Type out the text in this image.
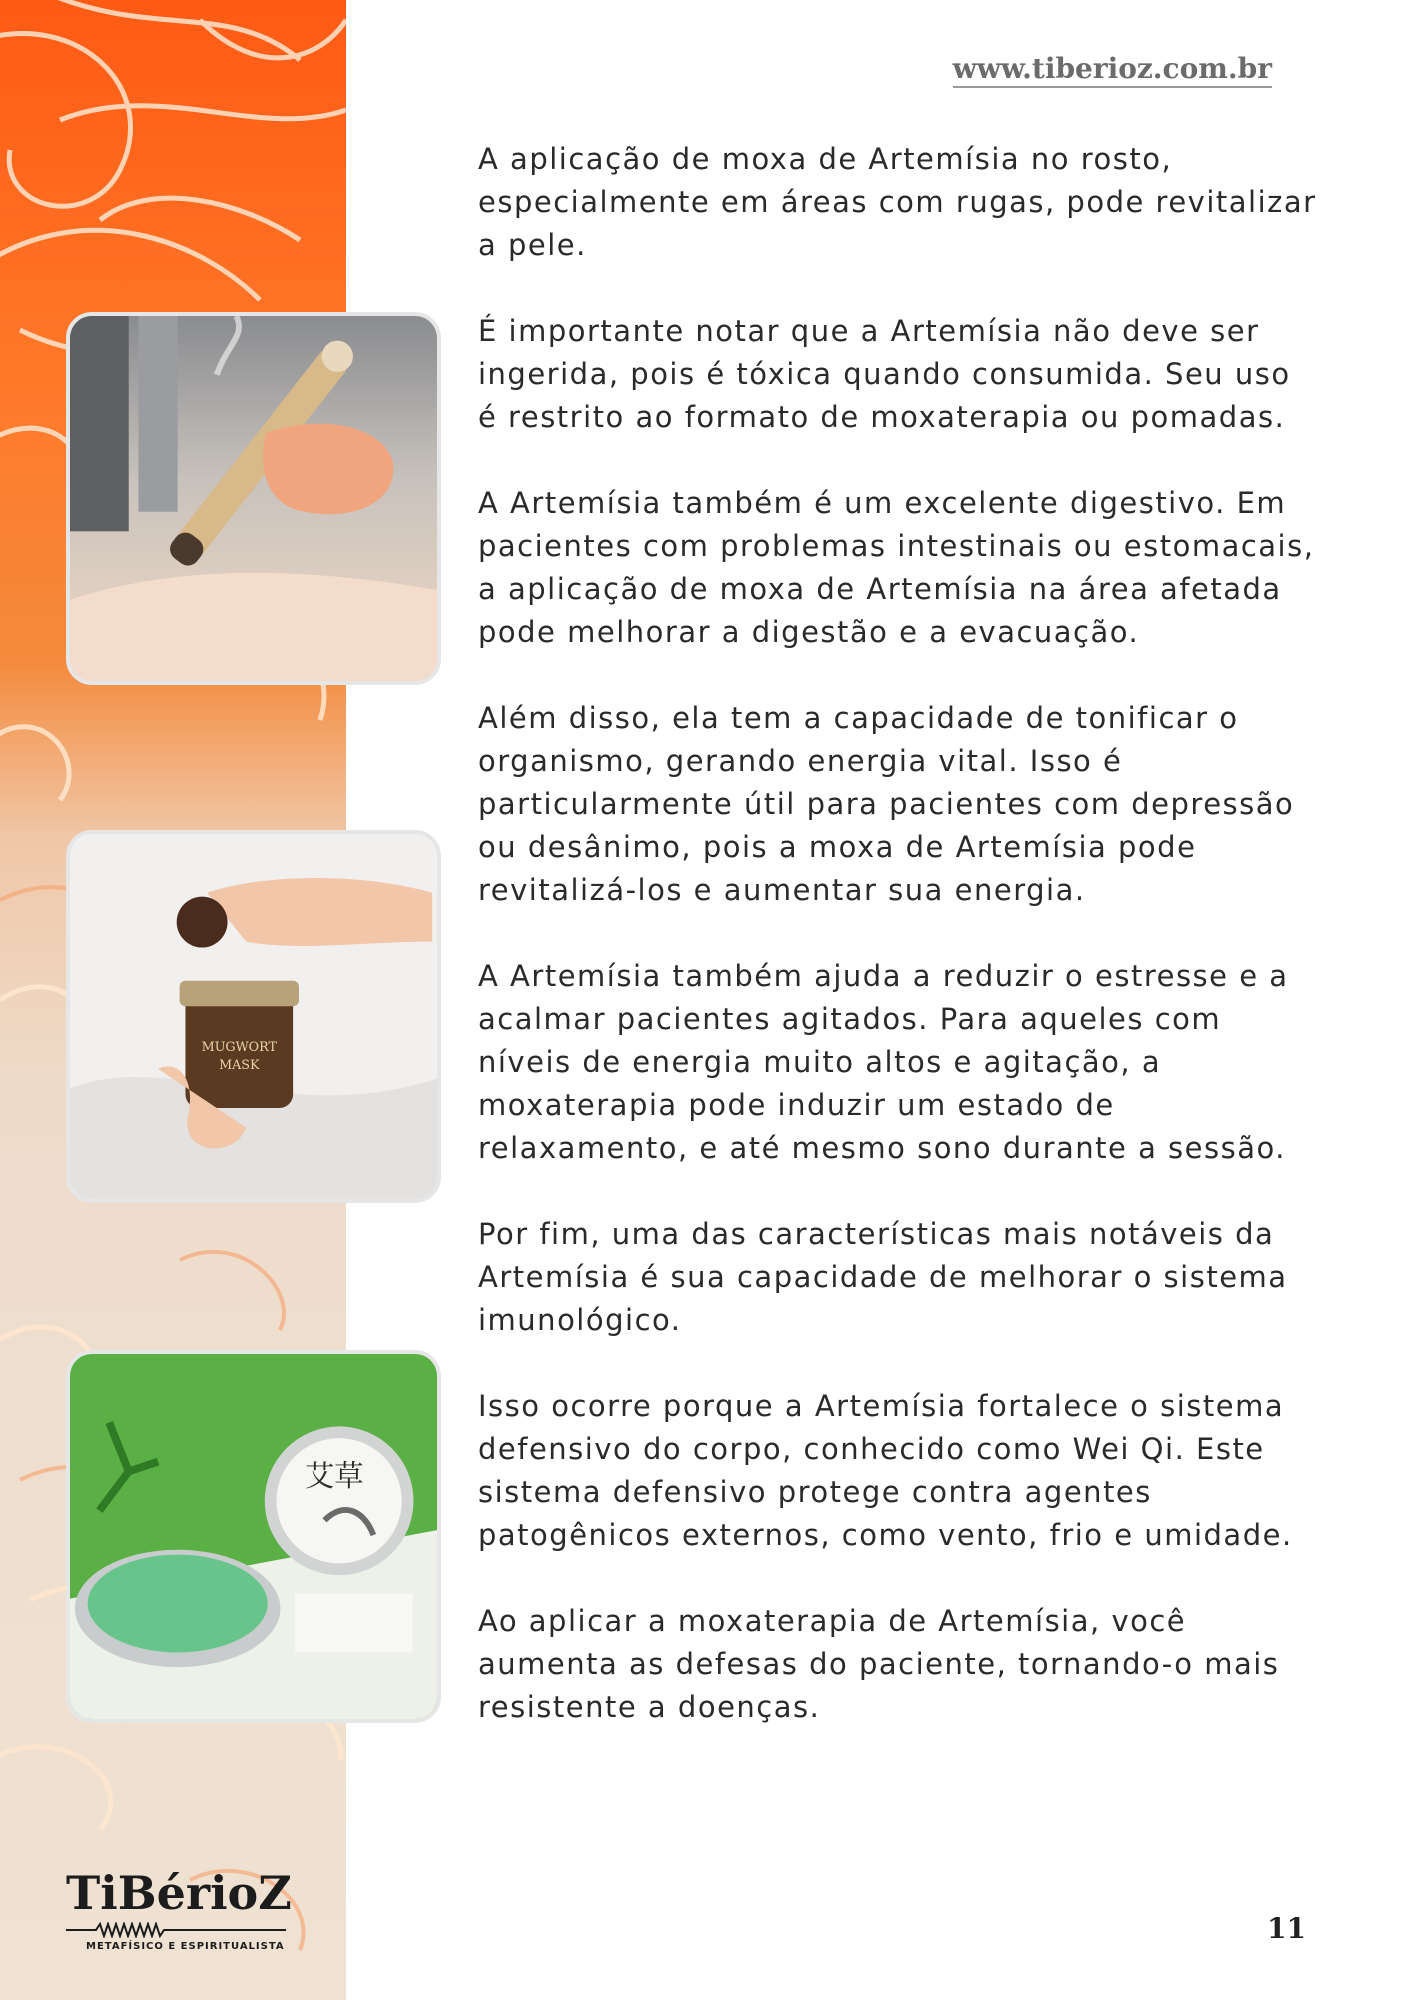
www.tiberioz.com.br

A aplicação de moxa de Artemísia no rosto, especialmente em áreas com rugas, pode revitalizar a pele.

É importante notar que a Artemísia não deve ser ingerida, pois é tóxica quando consumida. Seu uso é restrito ao formato de moxaterapia ou pomadas.

A Artemísia também é um excelente digestivo. Em pacientes com problemas intestinais ou estomacais, a aplicação de moxa de Artemísia na área afetada pode melhorar a digestão e a evacuação.

Além disso, ela tem a capacidade de tonificar o organismo, gerando energia vital. Isso é particularmente útil para pacientes com depressão ou desânimo, pois a moxa de Artemísia pode revitalizá-los e aumentar sua energia.

A Artemísia também ajuda a reduzir o estresse e a acalmar pacientes agitados. Para aqueles com níveis de energia muito altos e agitação, a moxaterapia pode induzir um estado de relaxamento, e até mesmo sono durante a sessão.

Por fim, uma das características mais notáveis da Artemísia é sua capacidade de melhorar o sistema imunológico.

Isso ocorre porque a Artemísia fortalece o sistema defensivo do corpo, conhecido como Wei Qi. Este sistema defensivo protege contra agentes patogênicos externos, como vento, frio e umidade.

Ao aplicar a moxaterapia de Artemísia, você aumenta as defesas do paciente, tornando-o mais resistente a doenças.

MUGWORT
MASK
艾草
TiBérioZ
METAFÍSICO E ESPIRITUALISTA
11
